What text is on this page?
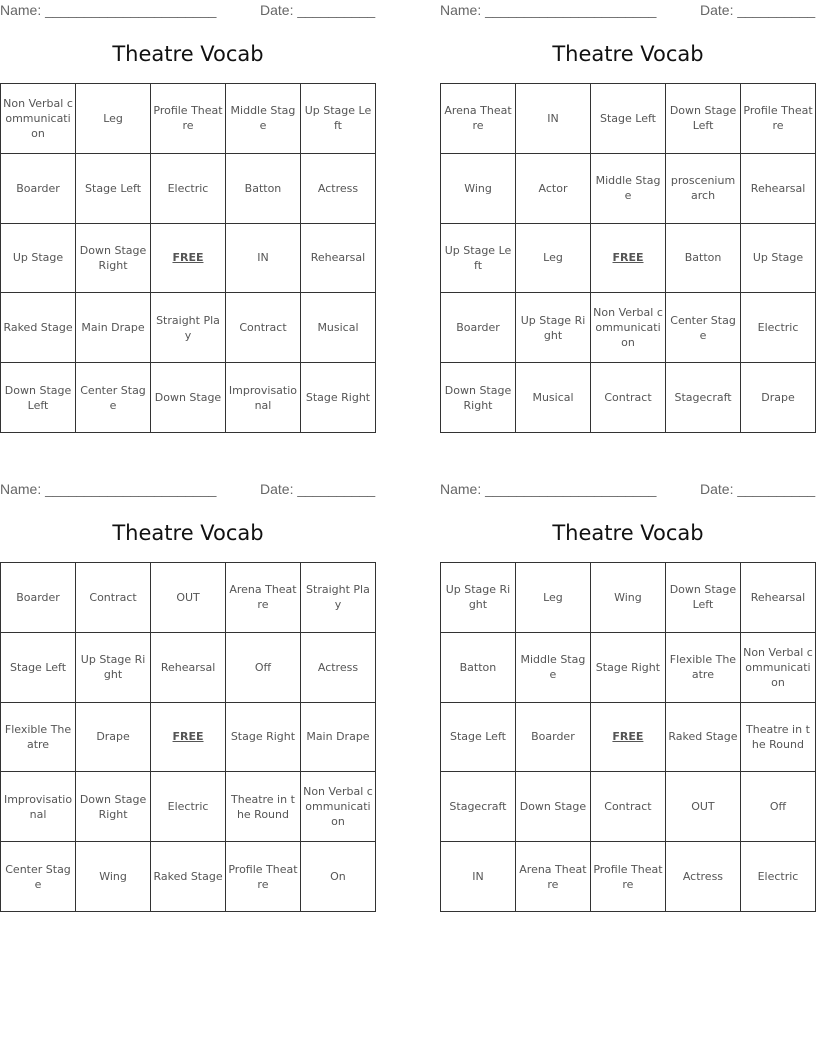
Name: ______________________	Date: __________
Theatre Vocab
Non Verbal communication	Leg	Profile Theatre	Middle Stage	Up Stage Left
Boarder	Stage Left	Electric	Batton	Actress
Up Stage	Down Stage Right	FREE	IN	Rehearsal
Raked Stage	Main Drape	Straight Play	Contract	Musical
Down Stage Left	Center Stage	Down Stage	Improvisational	Stage Right
Name: ______________________	Date: __________
Theatre Vocab
Arena Theatre	IN	Stage Left	Down Stage Left	Profile Theatre
Wing	Actor	Middle Stage	proscenium arch	Rehearsal
Up Stage Left	Leg	FREE	Batton	Up Stage
Boarder	Up Stage Right	Non Verbal communication	Center Stage	Electric
Down Stage Right	Musical	Contract	Stagecraft	Drape
Name: ______________________	Date: __________
Theatre Vocab
Boarder	Contract	OUT	Arena Theatre	Straight Play
Stage Left	Up Stage Right	Rehearsal	Off	Actress
Flexible Theatre	Drape	FREE	Stage Right	Main Drape
Improvisational	Down Stage Right	Electric	Theatre in the Round	Non Verbal communication
Center Stage	Wing	Raked Stage	Profile Theatre	On
Name: ______________________	Date: __________
Theatre Vocab
Up Stage Right	Leg	Wing	Down Stage Left	Rehearsal
Batton	Middle Stage	Stage Right	Flexible Theatre	Non Verbal communication
Stage Left	Boarder	FREE	Raked Stage	Theatre in the Round
Stagecraft	Down Stage	Contract	OUT	Off
IN	Arena Theatre	Profile Theatre	Actress	Electric
